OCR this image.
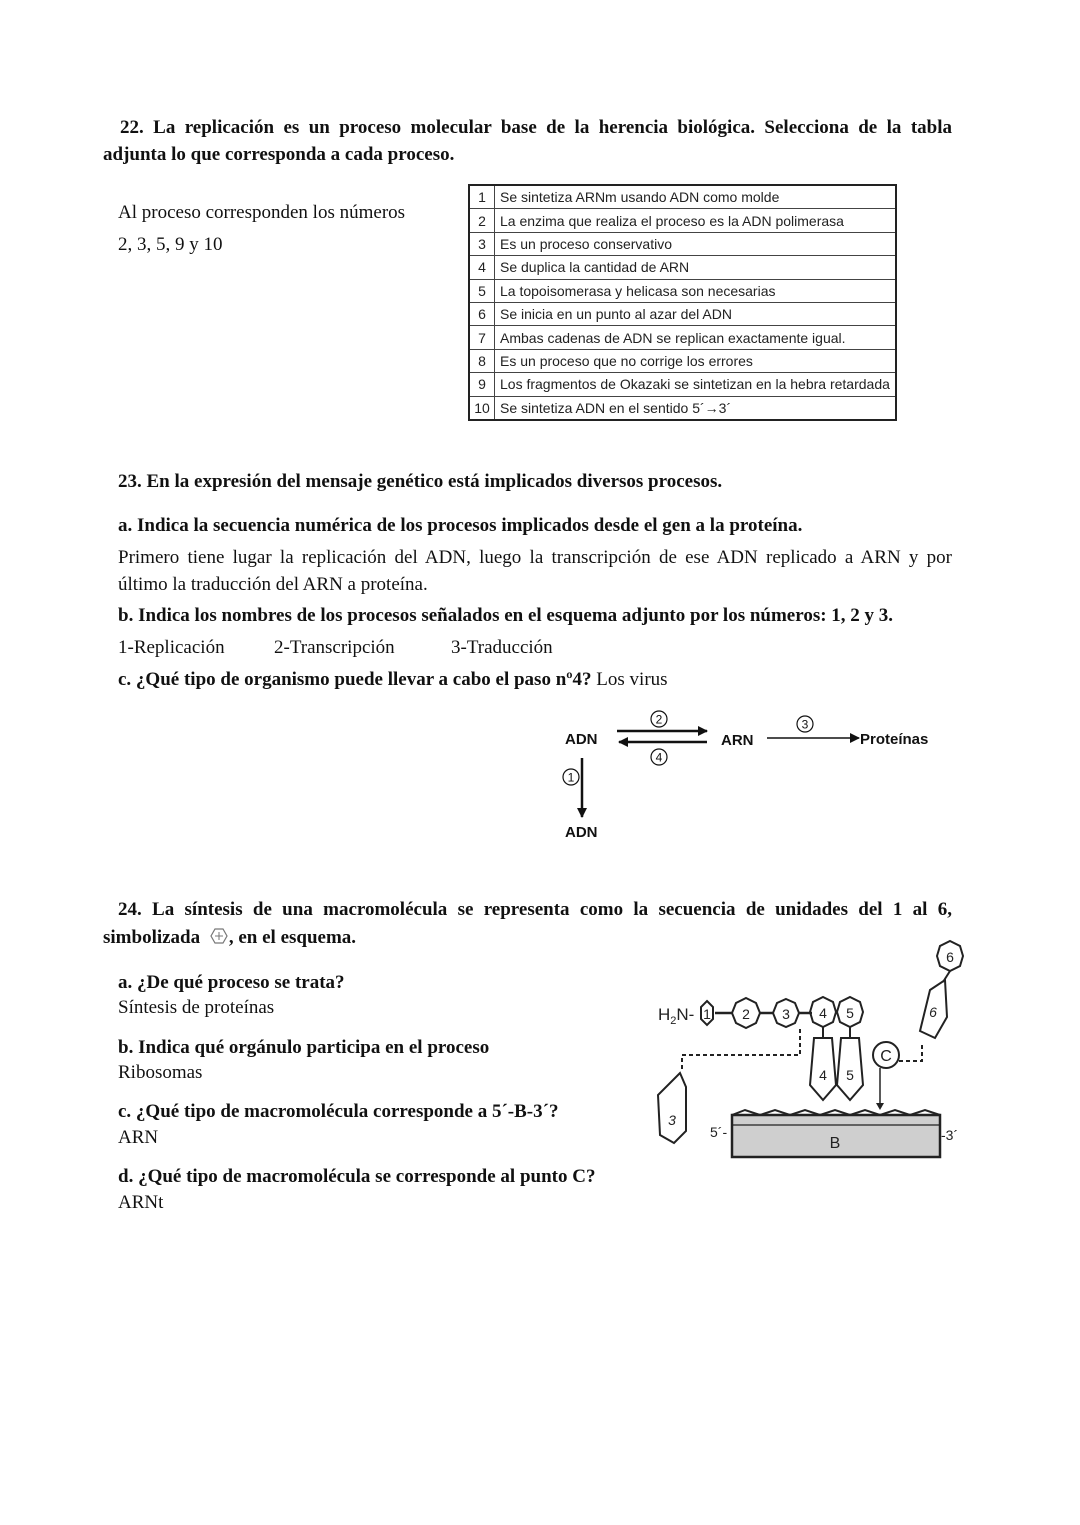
22. La replicación es un proceso molecular base de la herencia biológica. Selecciona de la tabla
adjunta lo que corresponda a cada proceso.
Al proceso corresponden los números
2, 3, 5, 9 y 10
1	Se sintetiza ARNm usando ADN como molde
2	La enzima que realiza el proceso es la ADN polimerasa
3	Es un proceso conservativo
4	Se duplica la cantidad de ARN
5	La topoisomerasa y helicasa son necesarias
6	Se inicia en un punto al azar del ADN
7	Ambas cadenas de ADN se replican exactamente igual.
8	Es un proceso que no corrige los errores
9	Los fragmentos de Okazaki se sintetizan en la hebra retardada
10	Se sintetiza ADN en el sentido 5´→3´
23. En la expresión del mensaje genético está implicados diversos procesos.
a. Indica la secuencia numérica de los procesos implicados desde el gen a la proteína.
Primero tiene lugar la replicación del ADN, luego la transcripción de ese ADN replicado a ARN y por
último la traducción del ARN a proteína.
b. Indica los nombres de los procesos señalados en el esquema adjunto por los números: 1, 2 y 3.
1-Replicación	2-Transcripción	3-Traducción
c. ¿Qué tipo de organismo puede llevar a cabo el paso nº4? Los virus
ADN	ARN	Proteínas
ADN
2
4
3
1
24. La síntesis de una macromolécula se representa como la secuencia de unidades del 1 al 6,
simbolizada , en el esquema.
a. ¿De qué proceso se trata?
Síntesis de proteínas
b. Indica qué orgánulo participa en el proceso
Ribosomas
c. ¿Qué tipo de macromolécula corresponde a 5´-B-3´?
ARN
d. ¿Qué tipo de macromolécula se corresponde al punto C?
ARNt
$H_2N-$ 1 2 3 4 5
6
4 5
6
3
C
B
5´-	-3´
